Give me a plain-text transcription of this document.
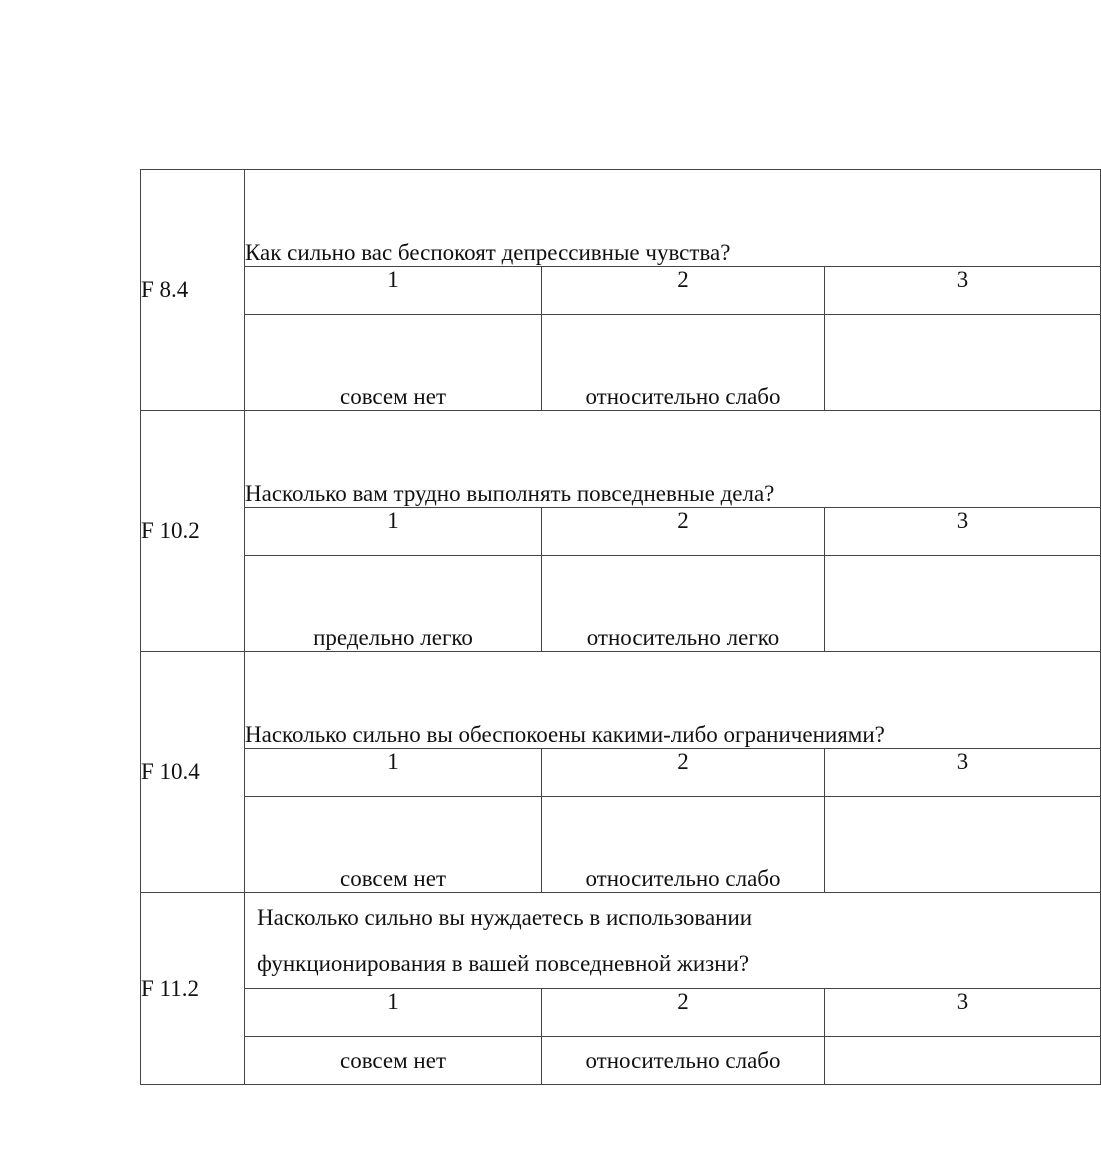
F 8.4	Как сильно вас беспокоят депрессивные чувства?		

	1	2	3
	совсем нет	относительно слабо	
F 10.2	Насколько вам трудно выполнять повседневные дела?		

	1	2	3
	предельно легко	относительно легко	
F 10.4	Насколько сильно вы обеспокоены какими-либо ограничениями?		

	1	2	3
	совсем нет	относительно слабо	
F 11.2	Насколько сильно вы нуждаетесь в использовании
функционирования в вашей повседневной жизни?		

	1	2	3
	совсем нет	относительно слабо	
